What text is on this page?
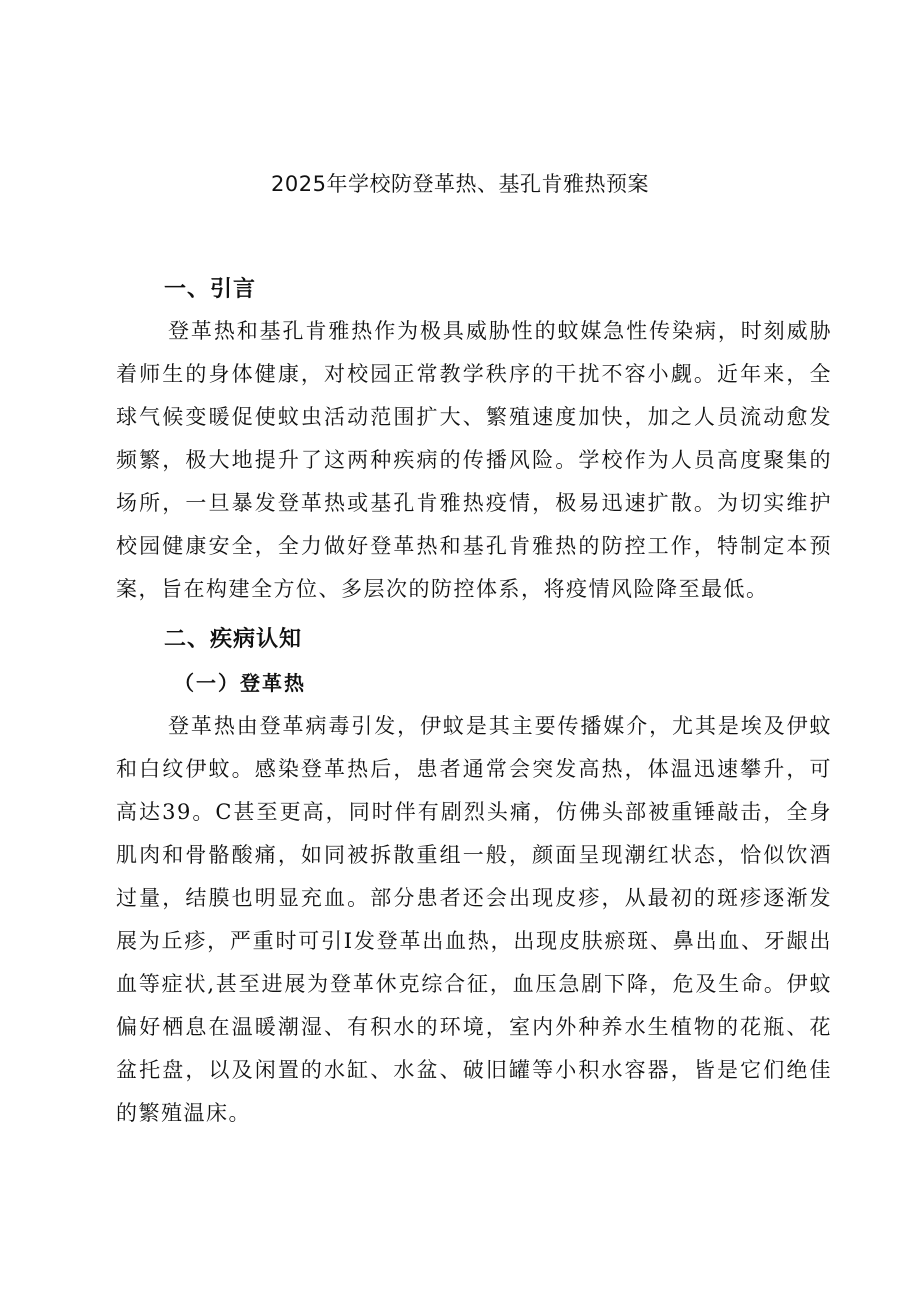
2025年学校防登革热、基孔肯雅热预案
一、引言

登革热和基孔肯雅热作为极具威胁性的蚊媒急性传染病，时刻威胁着师生的身体健康，对校园正常教学秩序的干扰不容小觑。近年来，全球气候变暖促使蚊虫活动范围扩大、繁殖速度加快，加之人员流动愈发频繁，极大地提升了这两种疾病的传播风险。学校作为人员高度聚集的场所，一旦暴发登革热或基孔肯雅热疫情，极易迅速扩散。为切实维护校园健康安全，全力做好登革热和基孔肯雅热的防控工作，特制定本预案，旨在构建全方位、多层次的防控体系，将疫情风险降至最低。

二、疾病认知
（一）登革热

登革热由登革病毒引发，伊蚊是其主要传播媒介，尤其是埃及伊蚊和白纹伊蚊。感染登革热后，患者通常会突发高热，体温迅速攀升，可高达39。C甚至更高，同时伴有剧烈头痛，仿佛头部被重锤敲击，全身肌肉和骨骼酸痛，如同被拆散重组一般，颜面呈现潮红状态，恰似饮酒过量，结膜也明显充血。部分患者还会出现皮疹，从最初的斑疹逐渐发展为丘疹，严重时可引I发登革出血热，出现皮肤瘀斑、鼻出血、牙龈出血等症状,甚至进展为登革休克综合征，血压急剧下降，危及生命。伊蚊偏好栖息在温暖潮湿、有积水的环境，室内外种养水生植物的花瓶、花盆托盘，以及闲置的水缸、水盆、破旧罐等小积水容器，皆是它们绝佳的繁殖温床。
